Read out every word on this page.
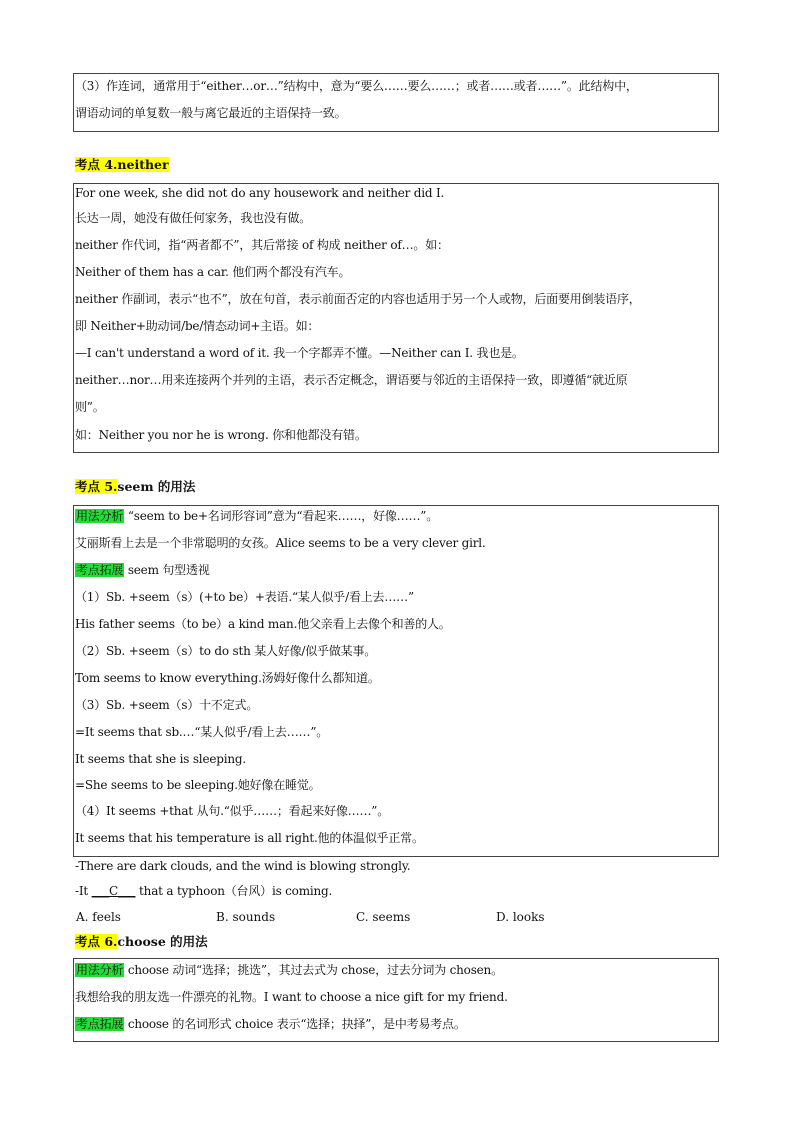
（3）作连词，通常用于“either…or…”结构中，意为“要么……要么……；或者……或者……”。此结构中，
谓语动词的单复数一般与离它最近的主语保持一致。
考点 4.neither
For one week, she did not do any housework and neither did I.
长达一周，她没有做任何家务，我也没有做。
neither 作代词，指“两者都不”，其后常接 of 构成 neither of…。如：
Neither of them has a car. 他们两个都没有汽车。
neither 作副词，表示“也不”，放在句首，表示前面否定的内容也适用于另一个人或物，后面要用倒装语序，
即 Neither+助动词/be/情态动词+主语。如：
—I can't understand a word of it. 我一个字都弄不懂。—Neither can I. 我也是。
neither…nor…用来连接两个并列的主语，表示否定概念，谓语要与邻近的主语保持一致，即遵循“就近原
则”。
如：Neither you nor he is wrong. 你和他都没有错。
考点 5.seem 的用法
用法分析 “seem to be+名词形容词”意为“看起来……，好像……”。
艾丽斯看上去是一个非常聪明的女孩。Alice seems to be a very clever girl.
考点拓展 seem 句型透视
（1）Sb. +seem（s）(+to be）+表语.“某人似乎/看上去……”
His father seems（to be）a kind man.他父亲看上去像个和善的人。
（2）Sb. +seem（s）to do sth 某人好像/似乎做某事。
Tom seems to know everything.汤姆好像什么都知道。
（3）Sb. +seem（s）十不定式。
=It seems that sb.…“某人似乎/看上去……”。
It seems that she is sleeping.
=She seems to be sleeping.她好像在睡觉。
（4）It seems +that 从句.“似乎……；看起来好像……”。
It seems that his temperature is all right.他的体温似乎正常。
-There are dark clouds, and the wind is blowing strongly.
-It ___C___ that a typhoon（台风）is coming.
A. feels	B. sounds	C. seems	D. looks
考点 6.choose 的用法
用法分析 choose 动词“选择；挑选”，其过去式为 chose，过去分词为 chosen。
我想给我的朋友选一件漂亮的礼物。I want to choose a nice gift for my friend.
考点拓展 choose 的名词形式 choice 表示“选择；抉择”，是中考易考点。
